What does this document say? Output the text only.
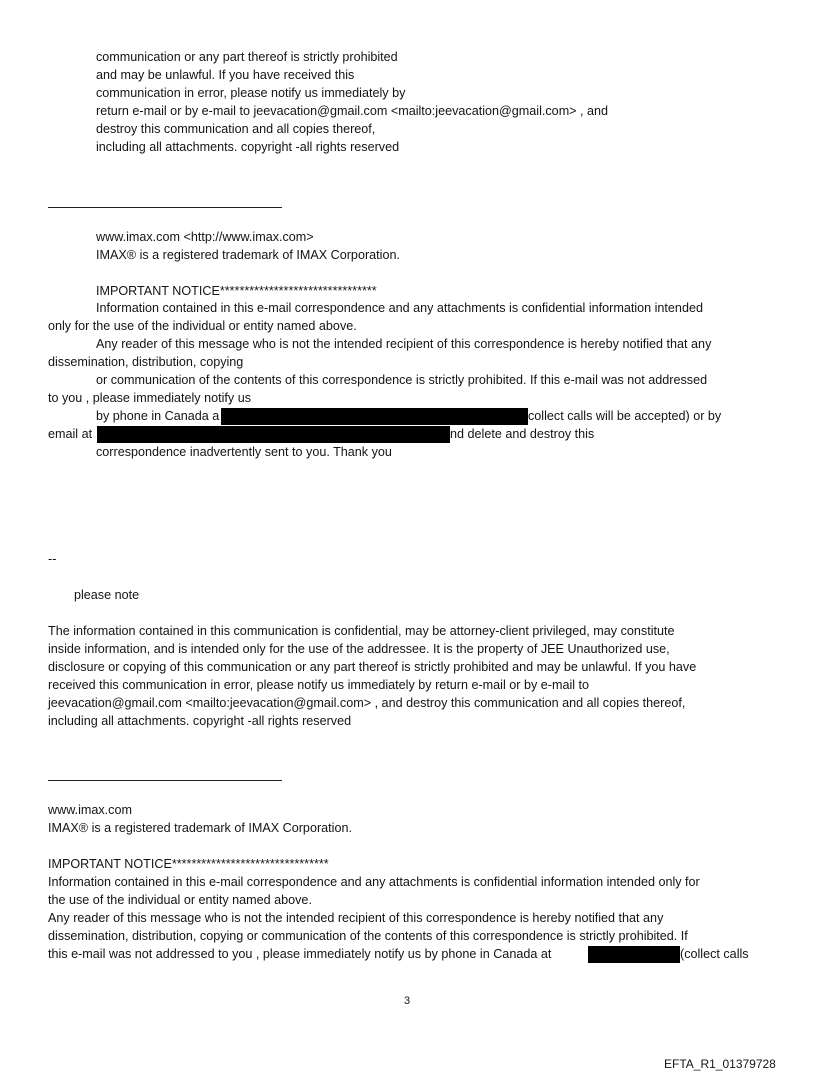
communication or any part thereof is strictly prohibited
and may be unlawful. If you have received this
communication in error, please notify us immediately by
return e-mail or by e-mail to jeevacation@gmail.com <mailto:jeevacation@gmail.com> , and
destroy this communication and all copies thereof,
including all attachments. copyright -all rights reserved
www.imax.com <http://www.imax.com>
IMAX® is a registered trademark of IMAX Corporation.
IMPORTANT NOTICE********************************
Information contained in this e-mail correspondence and any attachments is confidential information intended
only for the use of the individual or entity named above.
Any reader of this message who is not the intended recipient of this correspondence is hereby notified that any
dissemination, distribution, copying
or communication of the contents of this correspondence is strictly prohibited. If this e-mail was not addressed
to you , please immediately notify us
by phone in Canada a	collect calls will be accepted) or by
email at	nd delete and destroy this
correspondence inadvertently sent to you. Thank you
--
please note
The information contained in this communication is confidential, may be attorney-client privileged, may constitute
inside information, and is intended only for the use of the addressee. It is the property of JEE Unauthorized use,
disclosure or copying of this communication or any part thereof is strictly prohibited and may be unlawful. If you have
received this communication in error, please notify us immediately by return e-mail or by e-mail to
jeevacation@gmail.com <mailto:jeevacation@gmail.com> , and destroy this communication and all copies thereof,
including all attachments. copyright -all rights reserved
www.imax.com
IMAX® is a registered trademark of IMAX Corporation.
IMPORTANT NOTICE********************************
Information contained in this e-mail correspondence and any attachments is confidential information intended only for
the use of the individual or entity named above.
Any reader of this message who is not the intended recipient of this correspondence is hereby notified that any
dissemination, distribution, copying or communication of the contents of this correspondence is strictly prohibited. If
this e-mail was not addressed to you , please immediately notify us by phone in Canada at	(collect calls
3
EFTA_R1_01379728
